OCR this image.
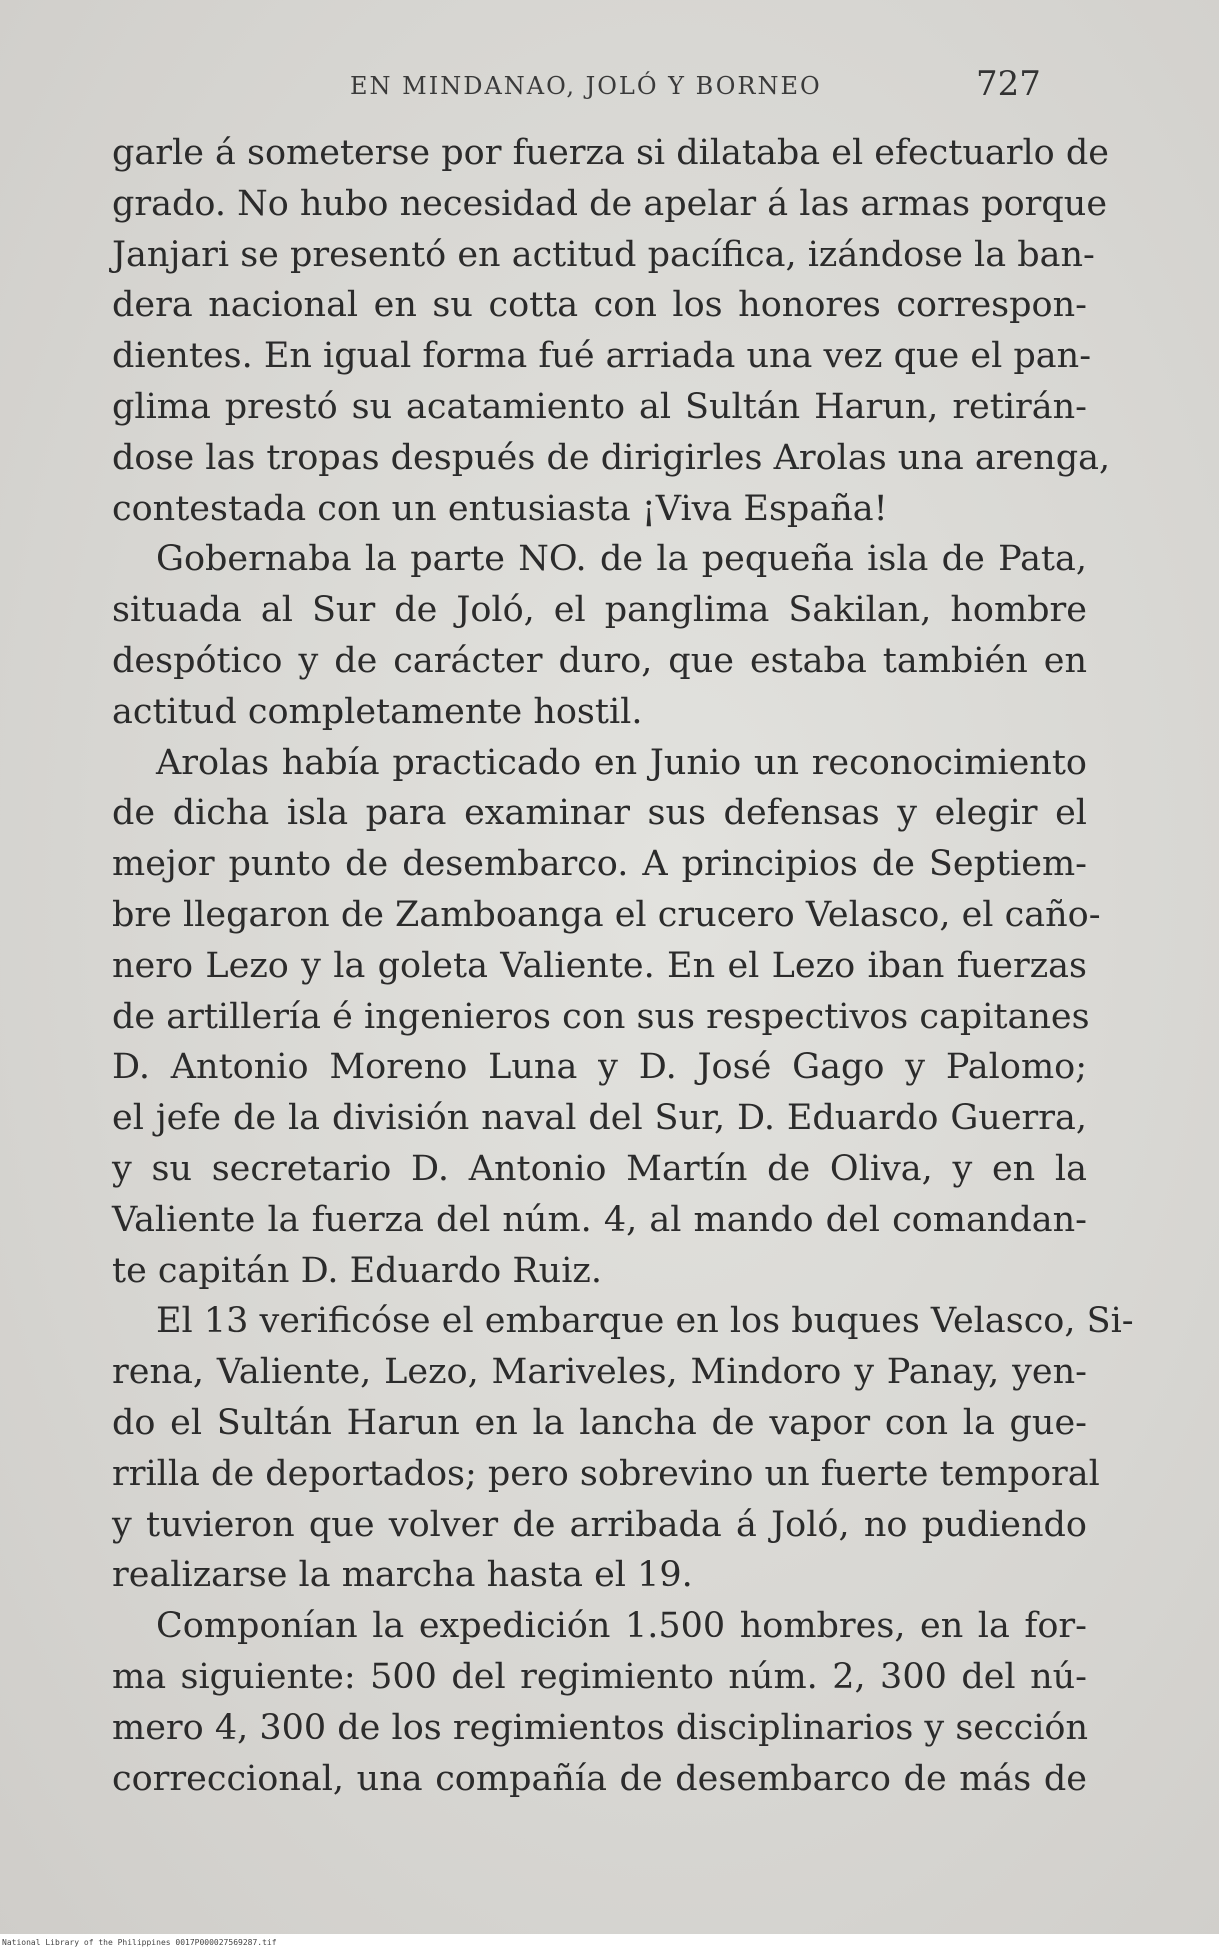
EN MINDANAO, JOLÓ Y BORNEO	727
garle á someterse por fuerza si dilataba el efectuarlo de
grado. No hubo necesidad de apelar á las armas porque
Janjari se presentó en actitud pacífica, izándose la ban-
dera nacional en su cotta con los honores correspon-
dientes. En igual forma fué arriada una vez que el pan-
glima prestó su acatamiento al Sultán Harun, retirán-
dose las tropas después de dirigirles Arolas una arenga,
contestada con un entusiasta ¡Viva España!
Gobernaba la parte NO. de la pequeña isla de Pata,
situada al Sur de Joló, el panglima Sakilan, hombre
despótico y de carácter duro, que estaba también en
actitud completamente hostil.
Arolas había practicado en Junio un reconocimiento
de dicha isla para examinar sus defensas y elegir el
mejor punto de desembarco. A principios de Septiem-
bre llegaron de Zamboanga el crucero Velasco, el caño-
nero Lezo y la goleta Valiente. En el Lezo iban fuerzas
de artillería é ingenieros con sus respectivos capitanes
D. Antonio Moreno Luna y D. José Gago y Palomo;
el jefe de la división naval del Sur, D. Eduardo Guerra,
y su secretario D. Antonio Martín de Oliva, y en la
Valiente la fuerza del núm. 4, al mando del comandan-
te capitán D. Eduardo Ruiz.
El 13 verificóse el embarque en los buques Velasco, Si-
rena, Valiente, Lezo, Mariveles, Mindoro y Panay, yen-
do el Sultán Harun en la lancha de vapor con la gue-
rrilla de deportados; pero sobrevino un fuerte temporal
y tuvieron que volver de arribada á Joló, no pudiendo
realizarse la marcha hasta el 19.
Componían la expedición 1.500 hombres, en la for-
ma siguiente: 500 del regimiento núm. 2, 300 del nú-
mero 4, 300 de los regimientos disciplinarios y sección
correccional, una compañía de desembarco de más de
National Library of the Philippines 0017P000027569287.tif
